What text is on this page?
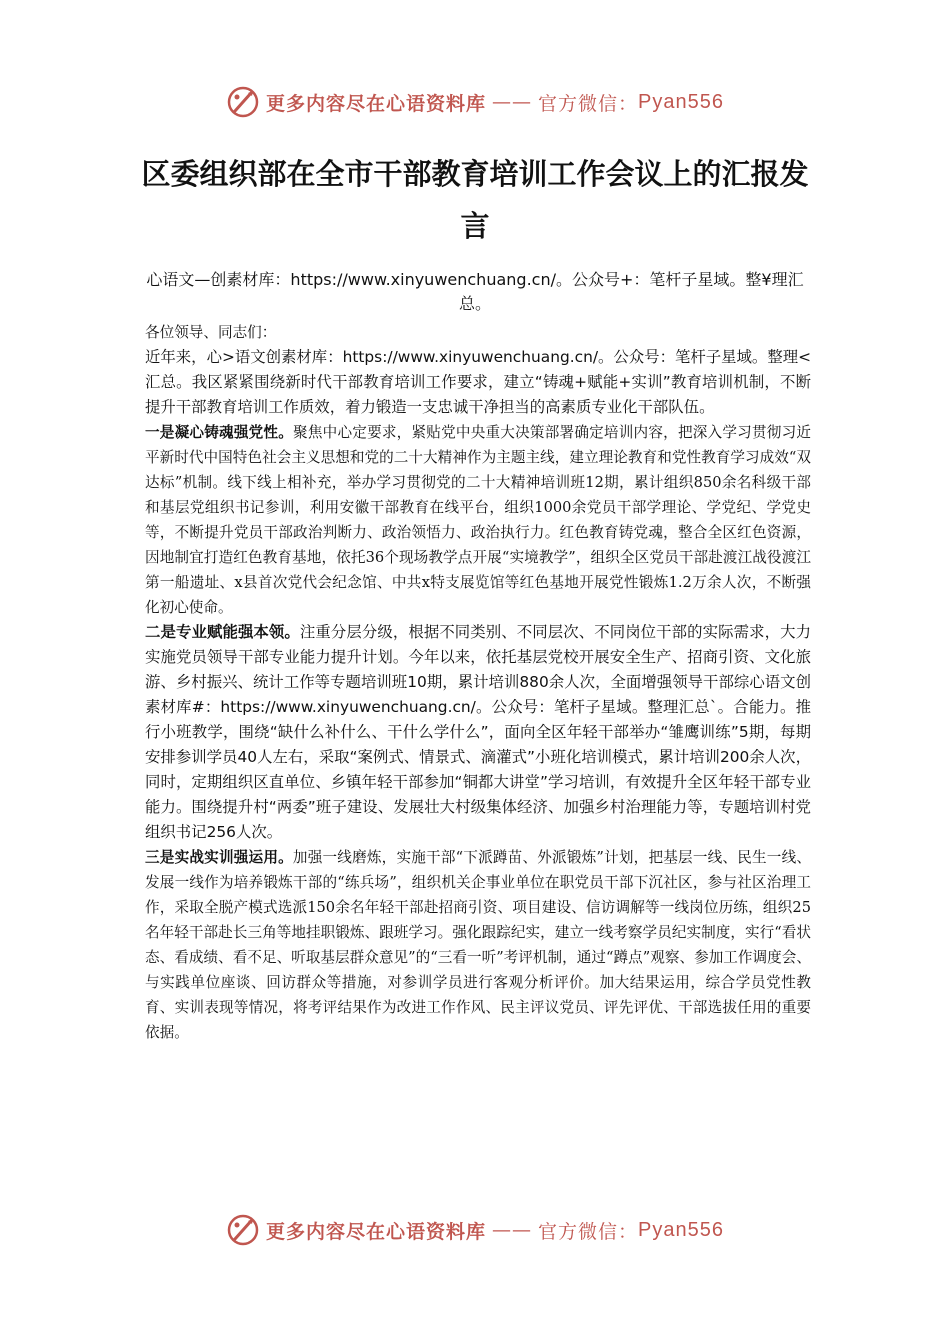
更多内容尽在心语资料库 —— 官方微信： Pyan556
区委组织部在全市干部教育培训工作会议上的汇报发言
心语文—创素材库：https://www.xinyuwenchuang.cn/。公众号+：笔杆子星域。整¥理汇总。

各位领导、同志们：

近年来，心>语文创素材库：https://www.xinyuwenchuang.cn/。公众号：笔杆子星域。整理<汇总。我区紧紧围绕新时代干部教育培训工作要求，建立“铸魂+赋能+实训”教育培训机制，不断提升干部教育培训工作质效，着力锻造一支忠诚干净担当的高素质专业化干部队伍。

一是凝心铸魂强党性。聚焦中心定要求，紧贴党中央重大决策部署确定培训内容，把深入学习贯彻习近平新时代中国特色社会主义思想和党的二十大精神作为主题主线，建立理论教育和党性教育学习成效“双达标”机制。线下线上相补充，举办学习贯彻党的二十大精神培训班12期，累计组织850余名科级干部和基层党组织书记参训，利用安徽干部教育在线平台，组织1000余党员干部学理论、学党纪、学党史等，不断提升党员干部政治判断力、政治领悟力、政治执行力。红色教育铸党魂，整合全区红色资源，因地制宜打造红色教育基地，依托36个现场教学点开展“实境教学”，组织全区党员干部赴渡江战役渡江第一船遗址、x县首次党代会纪念馆、中共x特支展览馆等红色基地开展党性锻炼1.2万余人次，不断强化初心使命。

二是专业赋能强本领。注重分层分级，根据不同类别、不同层次、不同岗位干部的实际需求，大力实施党员领导干部专业能力提升计划。今年以来，依托基层党校开展安全生产、招商引资、文化旅游、乡村振兴、统计工作等专题培训班10期，累计培训880余人次，全面增强领导干部综心语文创素材库#：https://www.xinyuwenchuang.cn/。公众号：笔杆子星域。整理汇总`。合能力。推行小班教学，围绕“缺什么补什么、干什么学什么”，面向全区年轻干部举办“雏鹰训练”5期，每期安排参训学员40人左右，采取“案例式、情景式、滴灌式”小班化培训模式，累计培训200余人次，同时，定期组织区直单位、乡镇年轻干部参加“铜都大讲堂”学习培训，有效提升全区年轻干部专业能力。围绕提升村“两委”班子建设、发展壮大村级集体经济、加强乡村治理能力等，专题培训村党组织书记256人次。

三是实战实训强运用。加强一线磨炼，实施干部“下派蹲苗、外派锻炼”计划，把基层一线、民生一线、发展一线作为培养锻炼干部的“练兵场”，组织机关企事业单位在职党员干部下沉社区，参与社区治理工作，采取全脱产模式选派150余名年轻干部赴招商引资、项目建设、信访调解等一线岗位历练，组织25名年轻干部赴长三角等地挂职锻炼、跟班学习。强化跟踪纪实，建立一线考察学员纪实制度，实行“看状态、看成绩、看不足、听取基层群众意见”的“三看一听”考评机制，通过“蹲点”观察、参加工作调度会、与实践单位座谈、回访群众等措施，对参训学员进行客观分析评价。加大结果运用，综合学员党性教育、实训表现等情况，将考评结果作为改进工作作风、民主评议党员、评先评优、干部选拔任用的重要依据。

更多内容尽在心语资料库 —— 官方微信： Pyan556
